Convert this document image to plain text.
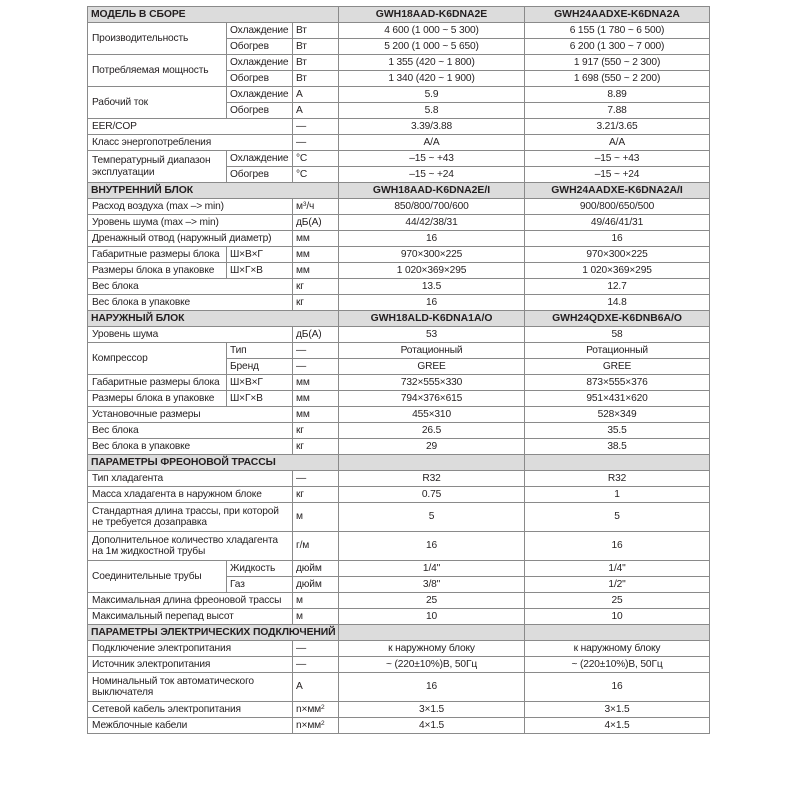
МОДЕЛЬ В СБОРЕ			GWH18AAD-K6DNA2E	GWH24AADXE-K6DNA2A
Производительность	Охлаждение	Вт	4 600 (1 000 ~ 5 300)	6 155 (1 780 ~ 6 500)
	Обогрев	Вт	5 200 (1 000 ~ 5 650)	6 200 (1 300 ~ 7 000)
Потребляемая мощность	Охлаждение	Вт	1 355 (420 ~ 1 800)	1 917 (550 ~ 2 300)
	Обогрев	Вт	1 340 (420 ~ 1 900)	1 698 (550 ~ 2 200)
Рабочий ток	Охлаждение	А	5.9	8.89
	Обогрев	А	5.8	7.88
EER/COP		—	3.39/3.88	3.21/3.65
Класс энергопотребления		—	A/A	A/A
Температурный диапазон эксплуатации	Охлаждение	°С	–15 ~ +43	–15 ~ +43
	Обогрев	°С	–15 ~ +24	–15 ~ +24
ВНУТРЕННИЙ БЛОК			GWH18AAD-K6DNA2E/I	GWH24AADXE-K6DNA2A/I
Расход воздуха (max –> min)		$м^3/ч$	850/800/700/600	900/800/650/500
Уровень шума (max –> min)		дБ(А)	44/42/38/31	49/46/41/31
Дренажный отвод (наружный диаметр)		мм	16	16
Габаритные размеры блока	Ш×В×Г	мм	970×300×225	970×300×225
Размеры блока в упаковке	Ш×Г×В	мм	1 020×369×295	1 020×369×295
Вес блока		кг	13.5	12.7
Вес блока в упаковке		кг	16	14.8
НАРУЖНЫЙ БЛОК			GWH18ALD-K6DNA1A/O	GWH24QDXE-K6DNB6A/O
Уровень шума		дБ(А)	53	58
Компрессор	Тип	—	Ротационный	Ротационный
	Бренд	—	GREE	GREE
Габаритные размеры блока	Ш×В×Г	мм	732×555×330	873×555×376
Размеры блока в упаковке	Ш×Г×В	мм	794×376×615	951×431×620
Установочные размеры		мм	455×310	528×349
Вес блока		кг	26.5	35.5
Вес блока в упаковке		кг	29	38.5
ПАРАМЕТРЫ ФРЕОНОВОЙ ТРАССЫ				
Тип хладагента		—	R32	R32
Масса хладагента в наружном блоке		кг	0.75	1
Стандартная длина трассы, при которой не требуется дозаправка		м	5	5
Дополнительное количество хладагента на 1м жидкостной трубы		г/м	16	16
Соединительные трубы	Жидкость	дюйм	1/4"	1/4"
	Газ	дюйм	3/8"	1/2"
Максимальная длина фреоновой трассы		м	25	25
Максимальный перепад высот		м	10	10
ПАРАМЕТРЫ ЭЛЕКТРИЧЕСКИХ ПОДКЛЮЧЕНИЙ				
Подключение электропитания		—	к наружному блоку	к наружному блоку
Источник электропитания		—	~ (220±10%)В, 50Гц	~ (220±10%)В, 50Гц
Номинальный ток автоматического выключателя		А	16	16
Сетевой кабель электропитания		$n\times мм^2$	3×1.5	3×1.5
Межблочные кабели		$n\times мм^2$	4×1.5	4×1.5
